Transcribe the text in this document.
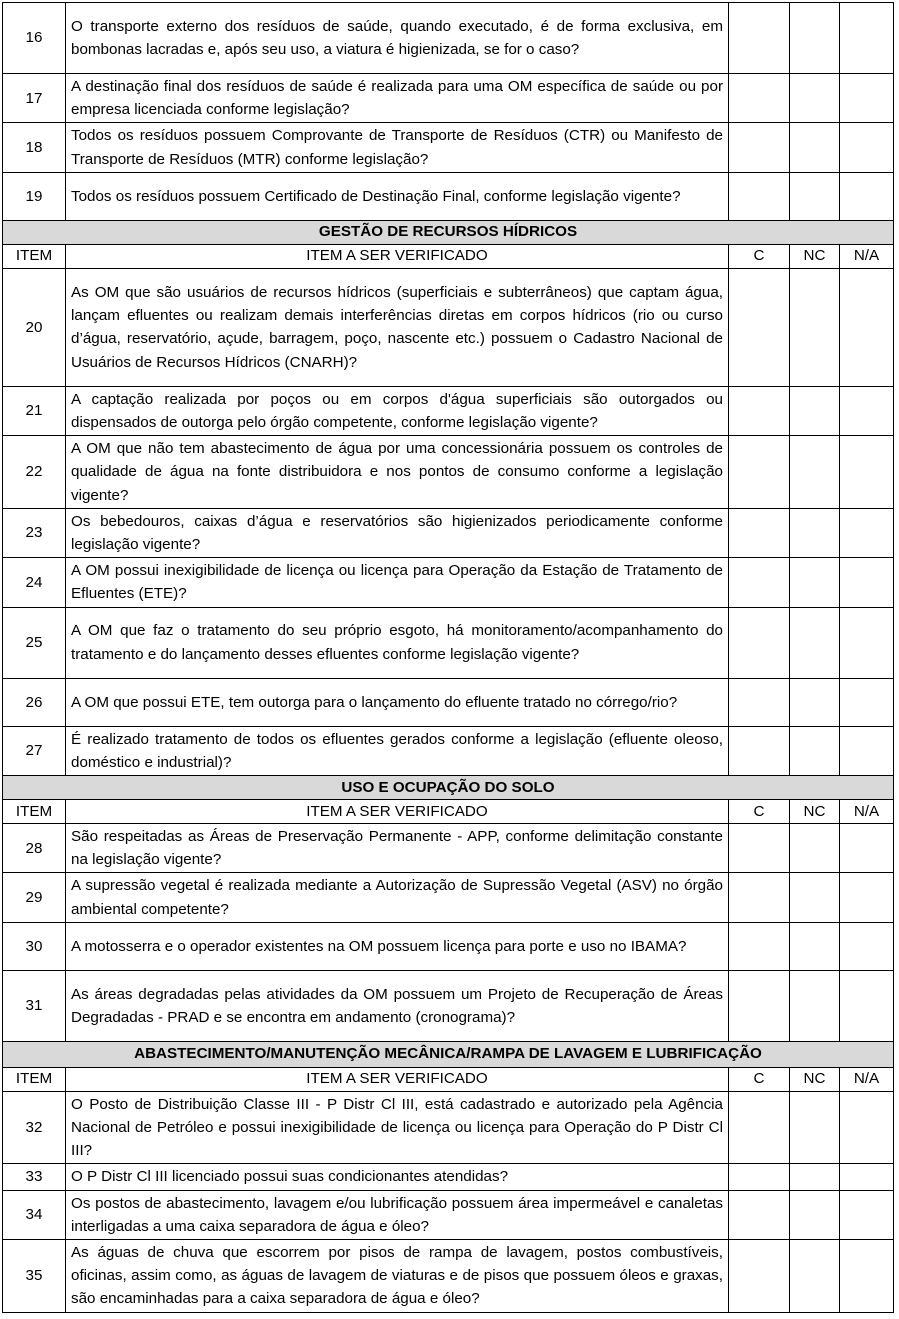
16	O transporte externo dos resíduos de saúde, quando executado, é de forma exclusiva, em bombonas lacradas e, após seu uso, a viatura é higienizada, se for o caso?			
17	A destinação final dos resíduos de saúde é realizada para uma OM específica de saúde ou por empresa licenciada conforme legislação?			
18	Todos os resíduos possuem Comprovante de Transporte de Resíduos (CTR) ou Manifesto de Transporte de Resíduos (MTR) conforme legislação?			
19	Todos os resíduos possuem Certificado de Destinação Final, conforme legislação vigente?			
GESTÃO DE RECURSOS HÍDRICOS				
ITEM	ITEM A SER VERIFICADO	C	NC	N/A
20	As OM que são usuários de recursos hídricos (superficiais e subterrâneos) que captam água, lançam efluentes ou realizam demais interferências diretas em corpos hídricos (rio ou curso d’água, reservatório, açude, barragem, poço, nascente etc.) possuem o Cadastro Nacional de Usuários de Recursos Hídricos (CNARH)?			
21	A captação realizada por poços ou em corpos d'água superficiais são outorgados ou dispensados de outorga pelo órgão competente, conforme legislação vigente?			
22	A OM que não tem abastecimento de água por uma concessionária possuem os controles de qualidade de água na fonte distribuidora e nos pontos de consumo conforme a legislação vigente?			
23	Os bebedouros, caixas d’água e reservatórios são higienizados periodicamente conforme legislação vigente?			
24	A OM possui inexigibilidade de licença ou licença para Operação da Estação de Tratamento de Efluentes (ETE)?			
25	A OM que faz o tratamento do seu próprio esgoto, há monitoramento/acompanhamento do tratamento e do lançamento desses efluentes conforme legislação vigente?			
26	A OM que possui ETE, tem outorga para o lançamento do efluente tratado no córrego/rio?			
27	É realizado tratamento de todos os efluentes gerados conforme a legislação (efluente oleoso, doméstico e industrial)?			
USO E OCUPAÇÃO DO SOLO				
ITEM	ITEM A SER VERIFICADO	C	NC	N/A
28	São respeitadas as Áreas de Preservação Permanente - APP, conforme delimitação constante na legislação vigente?			
29	A supressão vegetal é realizada mediante a Autorização de Supressão Vegetal (ASV) no órgão ambiental competente?			
30	A motosserra e o operador existentes na OM possuem licença para porte e uso no IBAMA?			
31	As áreas degradadas pelas atividades da OM possuem um Projeto de Recuperação de Áreas Degradadas - PRAD e se encontra em andamento (cronograma)?			
ABASTECIMENTO/MANUTENÇÃO MECÂNICA/RAMPA DE LAVAGEM E LUBRIFICAÇÃO				
ITEM	ITEM A SER VERIFICADO	C	NC	N/A
32	O Posto de Distribuição Classe III - P Distr Cl III, está cadastrado e autorizado pela Agência Nacional de Petróleo e possui inexigibilidade de licença ou licença para Operação do P Distr Cl III?			
33	O P Distr Cl III licenciado possui suas condicionantes atendidas?			
34	Os postos de abastecimento, lavagem e/ou lubrificação possuem área impermeável e canaletas interligadas a uma caixa separadora de água e óleo?			
35	As águas de chuva que escorrem por pisos de rampa de lavagem, postos combustíveis, oficinas, assim como, as águas de lavagem de viaturas e de pisos que possuem óleos e graxas, são encaminhadas para a caixa separadora de água e óleo?			
